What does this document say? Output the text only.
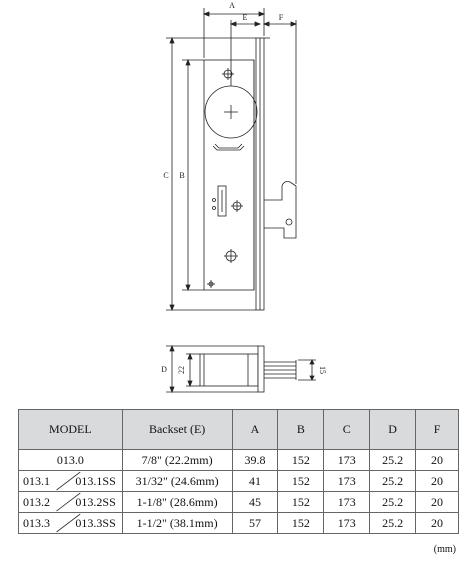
A
E	F
C B
D 22	15
MODEL	Backset (E)	A	B	C	D	F
013.0	7/8" (22.2mm)	39.8	152	173	25.2	20

013.1 013.1SS	31/32" (24.6mm)	41	152	173	25.2	20

013.2 013.2SS	1-1/8" (28.6mm)	45	152	173	25.2	20

013.3 013.3SS	1-1/2" (38.1mm)	57	152	173	25.2	20
(mm)
